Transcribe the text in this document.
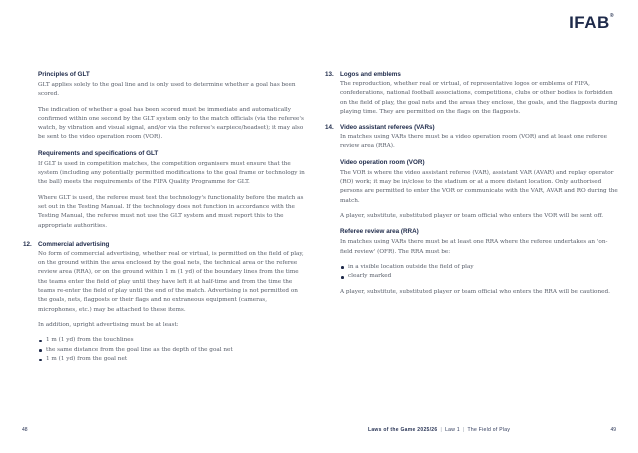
IFAB®
Principles of GLT

GLT applies solely to the goal line and is only used to determine whether a goal has been scored.

The indication of whether a goal has been scored must be immediate and automatically confirmed within one second by the GLT system only to the match officials (via the referee's watch, by vibration and visual signal, and/or via the referee's earpiece/headset); it may also be sent to the video operation room (VOR).

Requirements and specifications of GLT

If GLT is used in competition matches, the competition organisers must ensure that the system (including any potentially permitted modifications to the goal frame or technology in the ball) meets the requirements of the FIFA Quality Programme for GLT.

Where GLT is used, the referee must test the technology's functionality before the match as set out in the Testing Manual. If the technology does not function in accordance with the Testing Manual, the referee must not use the GLT system and must report this to the appropriate authorities.

12. Commercial advertising

No form of commercial advertising, whether real or virtual, is permitted on the field of play, on the ground within the area enclosed by the goal nets, the technical area or the referee review area (RRA), or on the ground within 1 m (1 yd) of the boundary lines from the time the teams enter the field of play until they have left it at half-time and from the time the teams re-enter the field of play until the end of the match. Advertising is not permitted on the goals, nets, flagposts or their flags and no extraneous equipment (cameras, microphones, etc.) may be attached to these items.

In addition, upright advertising must be at least:

1 m (1 yd) from the touchlines
the same distance from the goal line as the depth of the goal net
1 m (1 yd) from the goal net
13. Logos and emblems

The reproduction, whether real or virtual, of representative logos or emblems of FIFA, confederations, national football associations, competitions, clubs or other bodies is forbidden on the field of play, the goal nets and the areas they enclose, the goals, and the flagposts during playing time. They are permitted on the flags on the flagposts.

14. Video assistant referees (VARs)

In matches using VARs there must be a video operation room (VOR) and at least one referee review area (RRA).

Video operation room (VOR)

The VOR is where the video assistant referee (VAR), assistant VAR (AVAR) and replay operator (RO) work; it may be in/close to the stadium or at a more distant location. Only authorised persons are permitted to enter the VOR or communicate with the VAR, AVAR and RO during the match.

A player, substitute, substituted player or team official who enters the VOR will be sent off.

Referee review area (RRA)

In matches using VARs there must be at least one RRA where the referee undertakes an 'on-field review' (OFR). The RRA must be:

in a visible location outside the field of play
clearly marked

A player, substitute, substituted player or team official who enters the RRA will be cautioned.

48	Laws of the Game 2025/26 | Law 1 | The Field of Play	49
